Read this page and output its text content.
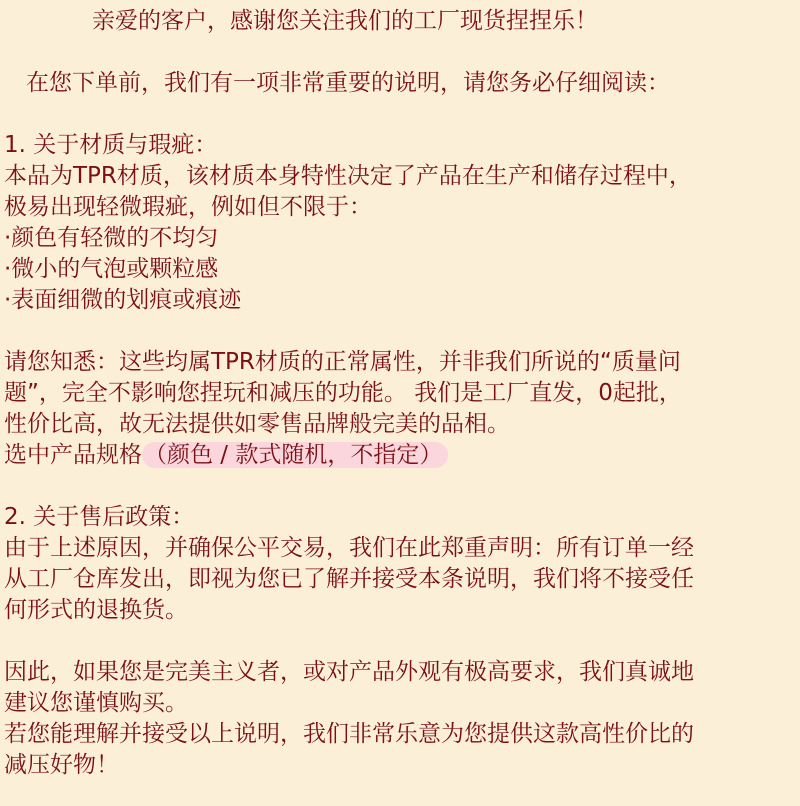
亲爱的客户，感谢您关注我们的工厂现货捏捏乐！
在您下单前，我们有一项非常重要的说明，请您务必仔细阅读：
1. 关于材质与瑕疵：
本品为TPR材质，该材质本身特性决定了产品在生产和储存过程中，
极易出现轻微瑕疵，例如但不限于：
·颜色有轻微的不均匀
·微小的气泡或颗粒感
·表面细微的划痕或痕迹
请您知悉：这些均属TPR材质的正常属性，并非我们所说的“质量问
题”，完全不影响您捏玩和减压的功能。 我们是工厂直发，0起批，
性价比高，故无法提供如零售品牌般完美的品相。
选中产品规格（颜色 / 款式随机，不指定）
2. 关于售后政策：
由于上述原因，并确保公平交易，我们在此郑重声明：所有订单一经
从工厂仓库发出，即视为您已了解并接受本条说明，我们将不接受任
何形式的退换货。
因此，如果您是完美主义者，或对产品外观有极高要求，我们真诚地
建议您谨慎购买。
若您能理解并接受以上说明，我们非常乐意为您提供这款高性价比的
减压好物！
